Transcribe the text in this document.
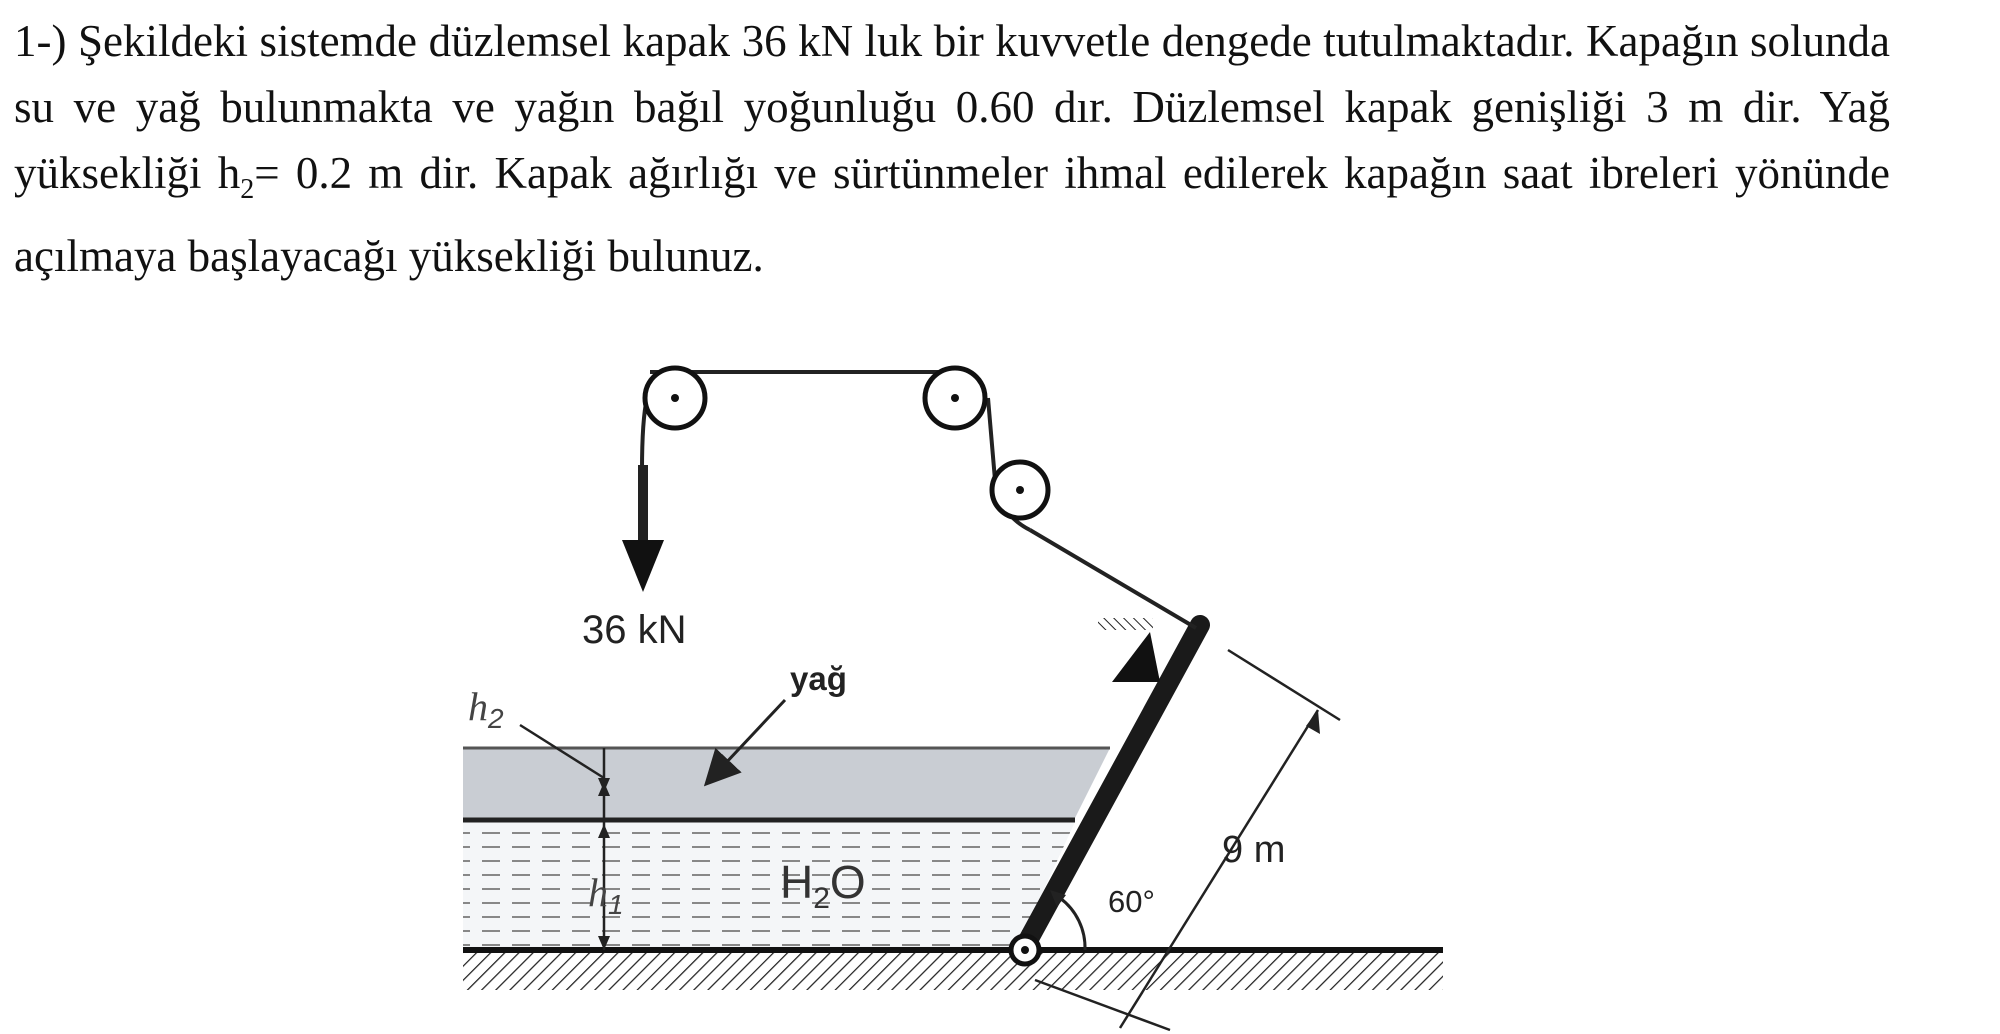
1-) Şekildeki sistemde düzlemsel kapak 36 kN luk bir kuvvetle dengede tutulmaktadır. Kapağın solunda su ve yağ bulunmakta ve yağın bağıl yoğunluğu 0.60 dır. Düzlemsel kapak genişliği 3 m dir. Yağ yüksekliği $h_2= 0.2$ m dir. Kapak ağırlığı ve sürtünmeler ihmal edilerek kapağın saat ibreleri yönünde açılmaya başlayacağı yüksekliği bulunuz.

36 kN
yağ
$h_2$
$h_1$	$H_2O$	60°
9 m
